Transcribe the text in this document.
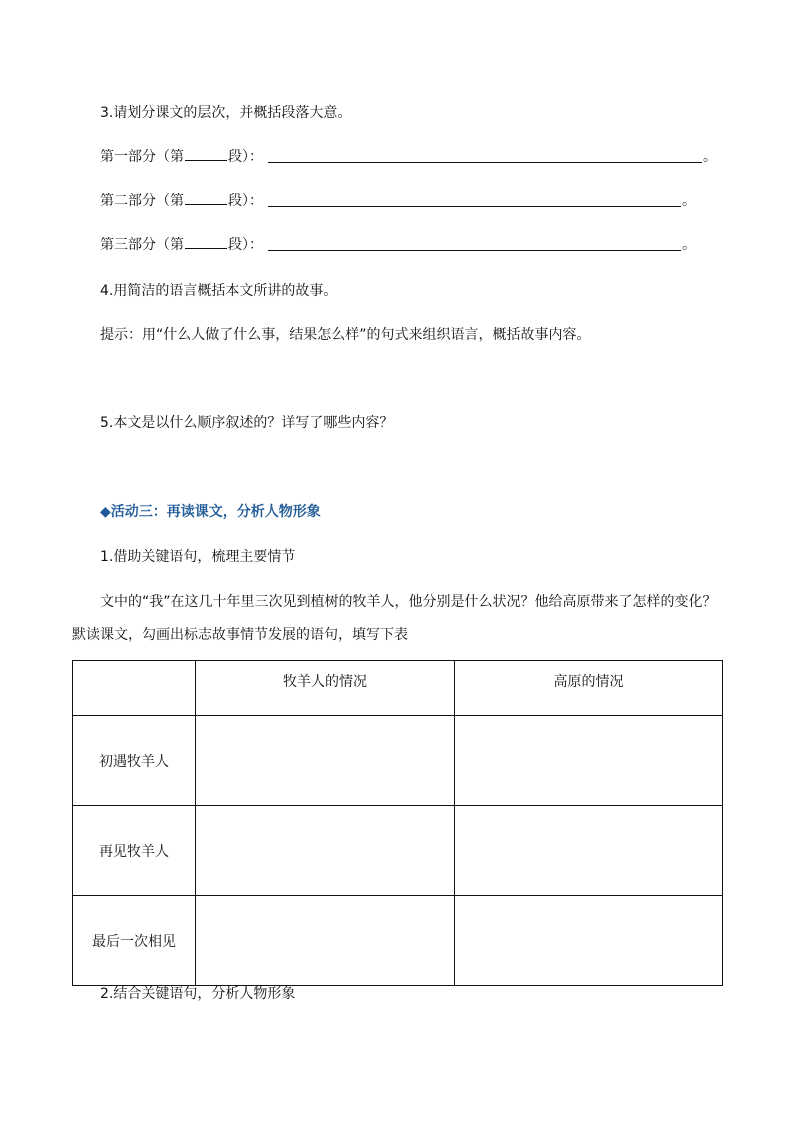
3.请划分课文的层次，并概括段落大意。
第一部分（第	段）：	。
第二部分（第	段）：	。
第三部分（第	段）：	。
4.用简洁的语言概括本文所讲的故事。
提示：用“什么人做了什么事，结果怎么样”的句式来组织语言，概括故事内容。
5.本文是以什么顺序叙述的？详写了哪些内容？
◆活动三：再读课文，分析人物形象
1.借助关键语句，梳理主要情节
文中的“我”在这几十年里三次见到植树的牧羊人，他分别是什么状况？他给高原带来了怎样的变化？
默读课文，勾画出标志故事情节发展的语句，填写下表
	牧羊人的情况	高原的情况
初遇牧羊人		
再见牧羊人		
最后一次相见		
2.结合关键语句，分析人物形象
